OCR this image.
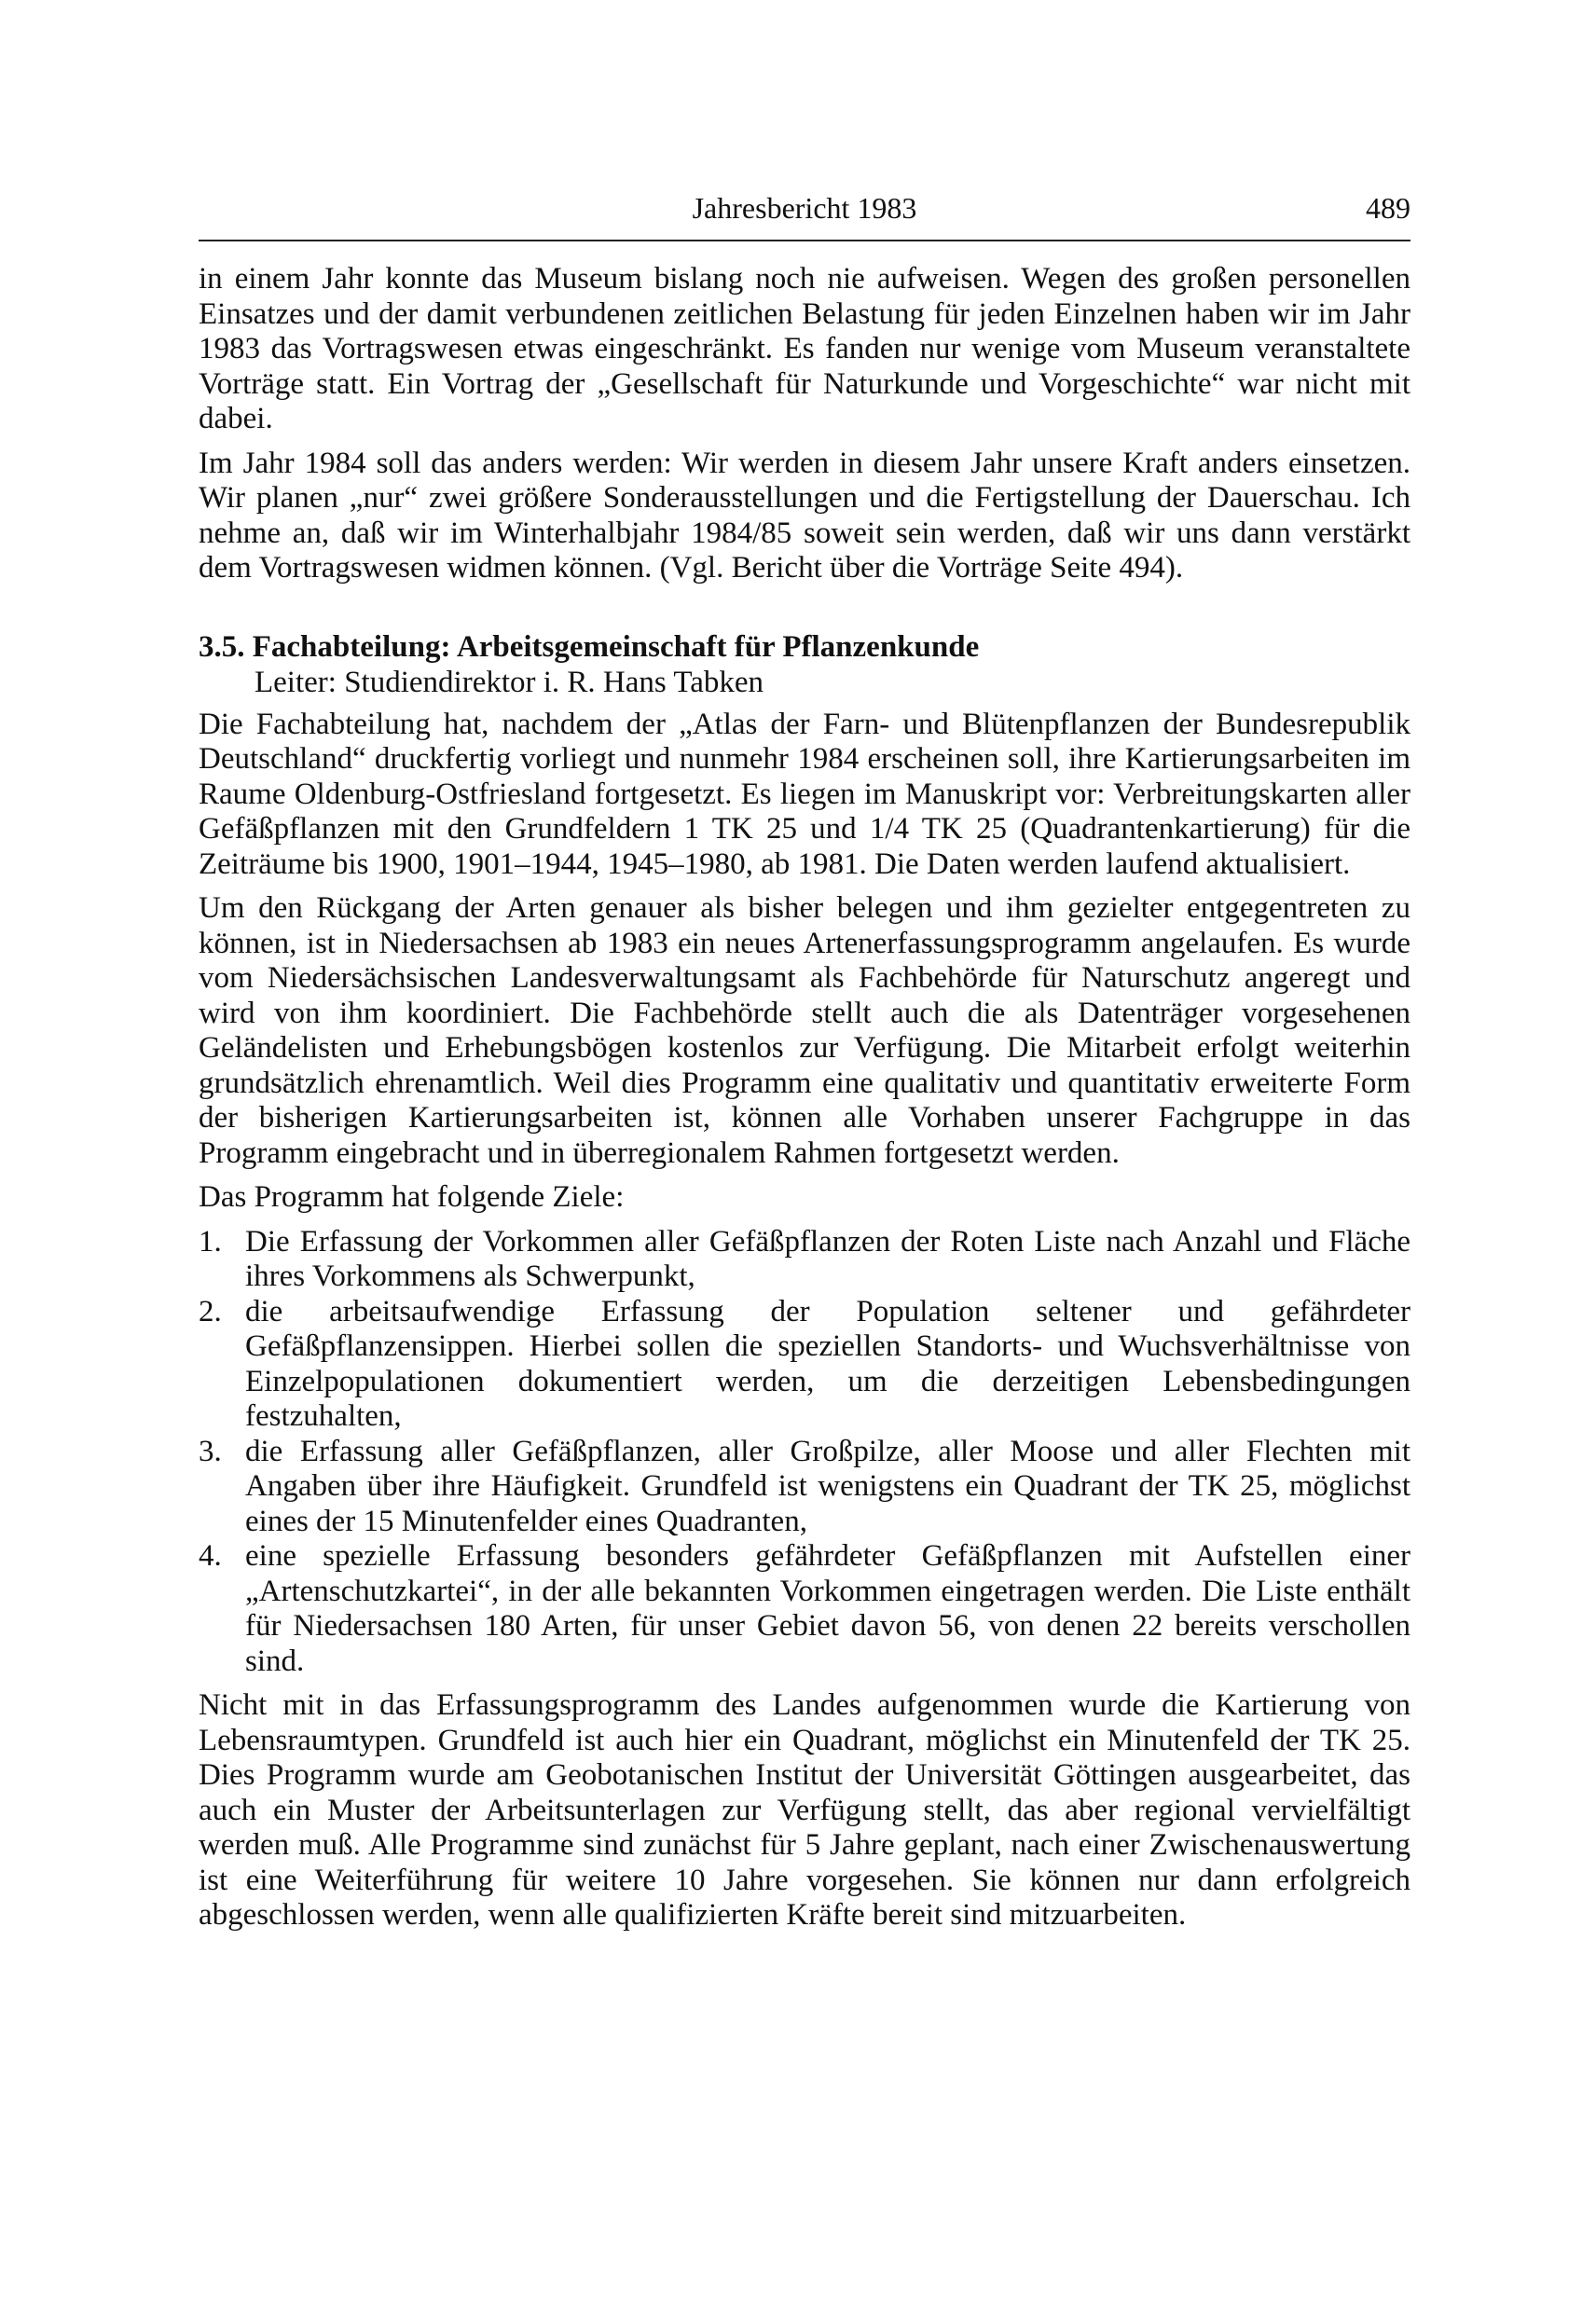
Jahresbericht 1983	489

in einem Jahr konnte das Museum bislang noch nie aufweisen. Wegen des großen personellen Einsatzes und der damit verbundenen zeitlichen Belastung für jeden Einzelnen haben wir im Jahr 1983 das Vortragswesen etwas eingeschränkt. Es fanden nur wenige vom Museum veranstaltete Vorträge statt. Ein Vortrag der „Gesellschaft für Naturkunde und Vorgeschichte“ war nicht mit dabei.

Im Jahr 1984 soll das anders werden: Wir werden in diesem Jahr unsere Kraft anders einsetzen. Wir planen „nur“ zwei größere Sonderausstellungen und die Fertigstellung der Dauerschau. Ich nehme an, daß wir im Winterhalbjahr 1984/85 soweit sein werden, daß wir uns dann verstärkt dem Vortragswesen widmen können. (Vgl. Bericht über die Vorträge Seite 494).

3.5. Fachabteilung: Arbeitsgemeinschaft für Pflanzenkunde
Leiter: Studiendirektor i. R. Hans Tabken

Die Fachabteilung hat, nachdem der „Atlas der Farn- und Blütenpflanzen der Bundesrepublik Deutschland“ druckfertig vorliegt und nunmehr 1984 erscheinen soll, ihre Kartierungsarbeiten im Raume Oldenburg-Ostfriesland fortgesetzt. Es liegen im Manuskript vor: Verbreitungskarten aller Gefäßpflanzen mit den Grundfeldern 1 TK 25 und 1/4 TK 25 (Quadrantenkartierung) für die Zeiträume bis 1900, 1901–1944, 1945–1980, ab 1981. Die Daten werden laufend aktualisiert.

Um den Rückgang der Arten genauer als bisher belegen und ihm gezielter entgegentreten zu können, ist in Niedersachsen ab 1983 ein neues Artenerfassungsprogramm angelaufen. Es wurde vom Niedersächsischen Landesverwaltungsamt als Fachbehörde für Naturschutz angeregt und wird von ihm koordiniert. Die Fachbehörde stellt auch die als Datenträger vorgesehenen Geländelisten und Erhebungsbögen kostenlos zur Verfügung. Die Mitarbeit erfolgt weiterhin grundsätzlich ehrenamtlich. Weil dies Programm eine qualitativ und quantitativ erweiterte Form der bisherigen Kartierungsarbeiten ist, können alle Vorhaben unserer Fachgruppe in das Programm eingebracht und in überregionalem Rahmen fortgesetzt werden.

Das Programm hat folgende Ziele:

1. Die Erfassung der Vorkommen aller Gefäßpflanzen der Roten Liste nach Anzahl und Fläche ihres Vorkommens als Schwerpunkt,
2. die arbeitsaufwendige Erfassung der Population seltener und gefährdeter Gefäßpflanzensippen. Hierbei sollen die speziellen Standorts- und Wuchsverhältnisse von Einzelpopulationen dokumentiert werden, um die derzeitigen Lebensbedingungen festzuhalten,
3. die Erfassung aller Gefäßpflanzen, aller Großpilze, aller Moose und aller Flechten mit Angaben über ihre Häufigkeit. Grundfeld ist wenigstens ein Quadrant der TK 25, möglichst eines der 15 Minutenfelder eines Quadranten,
4. eine spezielle Erfassung besonders gefährdeter Gefäßpflanzen mit Aufstellen einer „Artenschutzkartei“, in der alle bekannten Vorkommen eingetragen werden. Die Liste enthält für Niedersachsen 180 Arten, für unser Gebiet davon 56, von denen 22 bereits verschollen sind.

Nicht mit in das Erfassungsprogramm des Landes aufgenommen wurde die Kartierung von Lebensraumtypen. Grundfeld ist auch hier ein Quadrant, möglichst ein Minutenfeld der TK 25. Dies Programm wurde am Geobotanischen Institut der Universität Göttingen ausgearbeitet, das auch ein Muster der Arbeitsunterlagen zur Verfügung stellt, das aber regional vervielfältigt werden muß. Alle Programme sind zunächst für 5 Jahre geplant, nach einer Zwischenauswertung ist eine Weiterführung für weitere 10 Jahre vorgesehen. Sie können nur dann erfolgreich abgeschlossen werden, wenn alle qualifizierten Kräfte bereit sind mitzuarbeiten.
